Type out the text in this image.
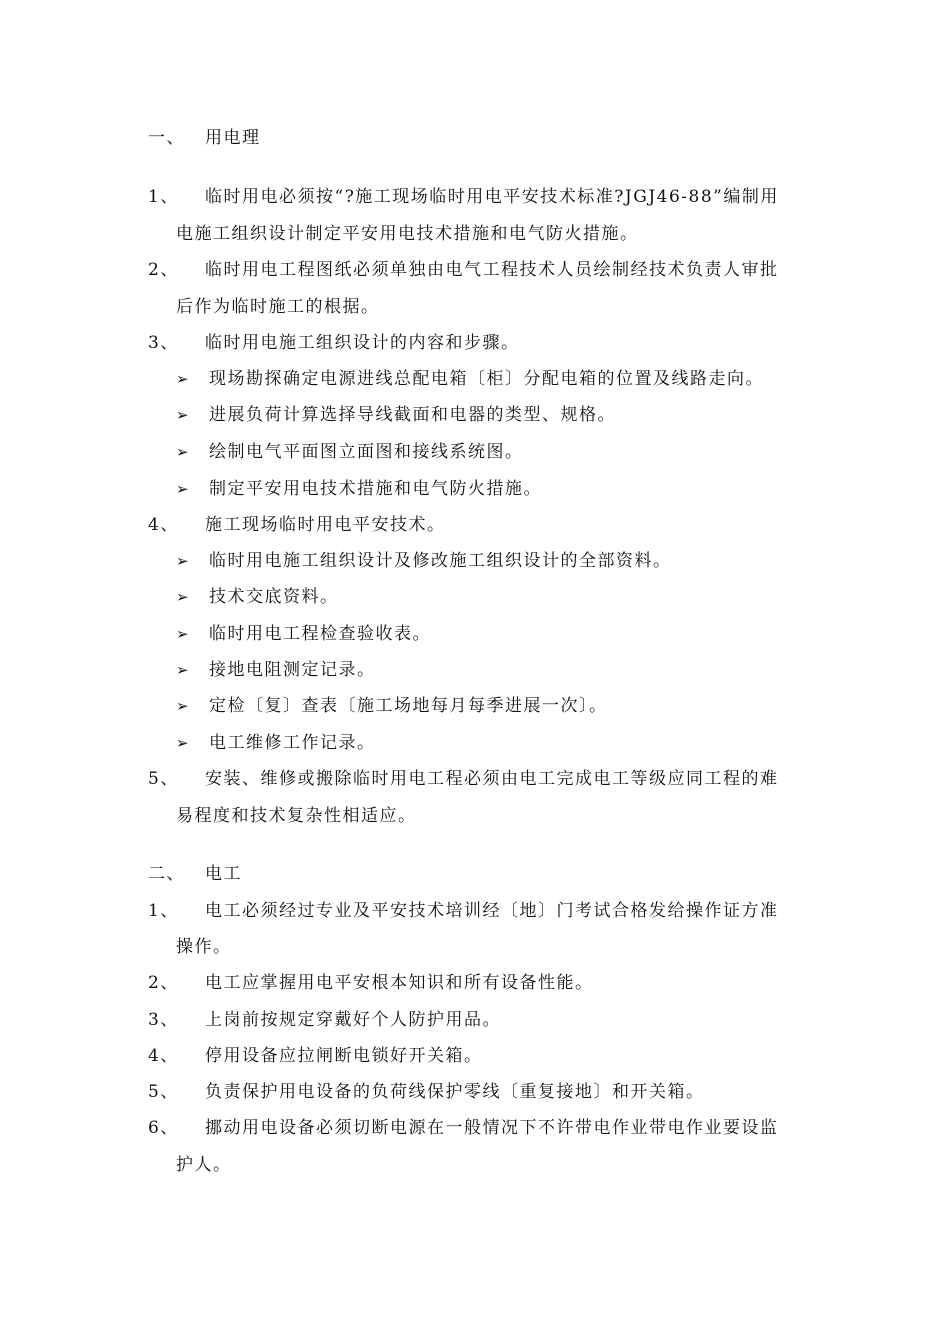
一、 用电理
1、 临时用电必须按“?施工现场临时用电平安技术标准?JGJ46-88”编制用
电施工组织设计制定平安用电技术措施和电气防火措施。
2、 临时用电工程图纸必须单独由电气工程技术人员绘制经技术负责人审批
后作为临时施工的根据。
3、 临时用电施工组织设计的内容和步骤。
➢ 现场勘探确定电源进线总配电箱〔柜〕分配电箱的位置及线路走向。
➢ 进展负荷计算选择导线截面和电器的类型、规格。
➢ 绘制电气平面图立面图和接线系统图。
➢ 制定平安用电技术措施和电气防火措施。
4、 施工现场临时用电平安技术。
➢ 临时用电施工组织设计及修改施工组织设计的全部资料。
➢ 技术交底资料。
➢ 临时用电工程检查验收表。
➢ 接地电阻测定记录。
➢ 定检〔复〕查表〔施工场地每月每季进展一次〕。
➢ 电工维修工作记录。
5、 安装、维修或搬除临时用电工程必须由电工完成电工等级应同工程的难
易程度和技术复杂性相适应。
二、 电工
1、 电工必须经过专业及平安技术培训经〔地〕门考试合格发给操作证方准
操作。
2、 电工应掌握用电平安根本知识和所有设备性能。
3、 上岗前按规定穿戴好个人防护用品。
4、 停用设备应拉闸断电锁好开关箱。
5、 负责保护用电设备的负荷线保护零线〔重复接地〕和开关箱。
6、 挪动用电设备必须切断电源在一般情况下不许带电作业带电作业要设监
护人。
